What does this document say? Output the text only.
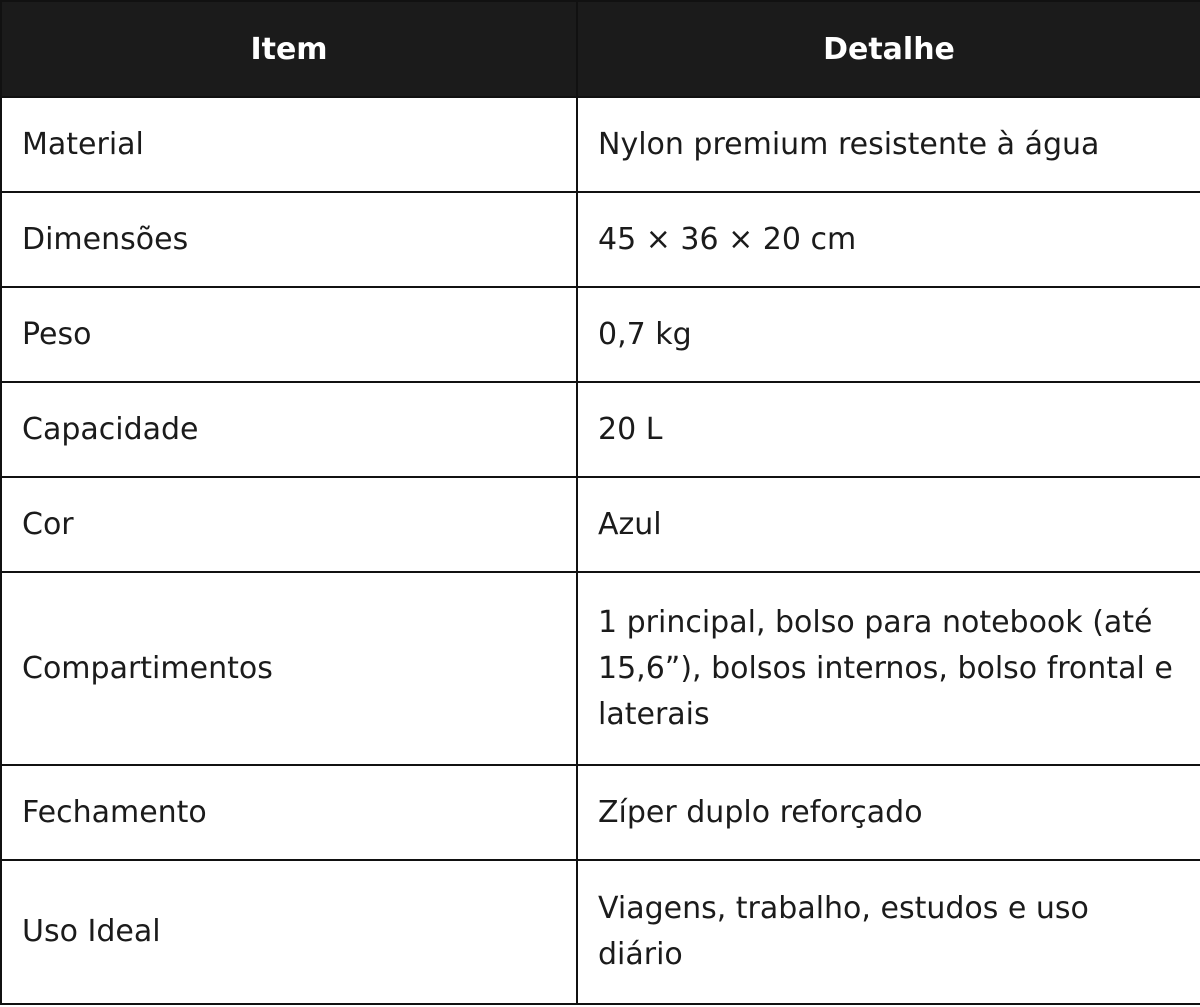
Item	Detalhe
Material	Nylon premium resistente à água
Dimensões	45 × 36 × 20 cm
Peso	0,7 kg
Capacidade	20 L
Cor	Azul
Compartimentos	1 principal, bolso para notebook (até 15,6”), bolsos internos, bolso frontal e laterais
Fechamento	Zíper duplo reforçado
Uso Ideal	Viagens, trabalho, estudos e uso diário
